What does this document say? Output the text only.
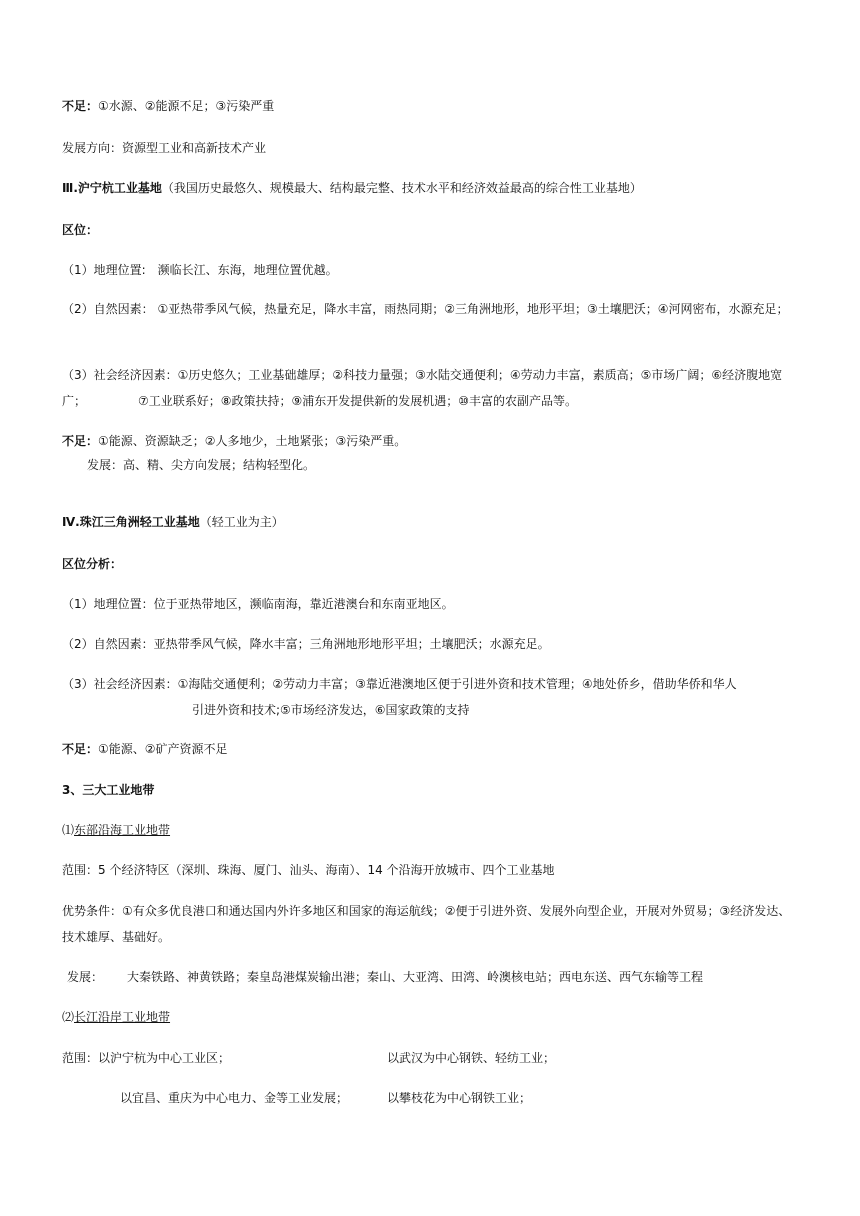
不足：①水源、②能源不足；③污染严重
发展方向：资源型工业和高新技术产业
Ⅲ.沪宁杭工业基地（我国历史最悠久、规模最大、结构最完整、技术水平和经济效益最高的综合性工业基地）
区位：
（1）地理位置:　濒临长江、东海，地理位置优越。
（2）自然因素： ①亚热带季风气候，热量充足，降水丰富，雨热同期；②三角洲地形，地形平坦；③土壤肥沃；④河网密布，水源充足；
（3）社会经济因素：①历史悠久；工业基础雄厚；②科技力量强；③水陆交通便利；④劳动力丰富，素质高；⑤市场广阔；⑥经济腹地宽广；	⑦工业联系好；⑧政策扶持；⑨浦东开发提供新的发展机遇；⑩丰富的农副产品等。
不足：①能源、资源缺乏；②人多地少，土地紧张；③污染严重。
发展：高、精、尖方向发展；结构轻型化。
Ⅳ.珠江三角洲轻工业基地（轻工业为主）
区位分析：
（1）地理位置：位于亚热带地区，濒临南海，靠近港澳台和东南亚地区。
（2）自然因素：亚热带季风气候，降水丰富；三角洲地形地形平坦；土壤肥沃；水源充足。
（3）社会经济因素：①海陆交通便利；②劳动力丰富；③靠近港澳地区便于引进外资和技术管理；④地处侨乡，借助华侨和华人
引进外资和技术;⑤市场经济发达，⑥国家政策的支持
不足：①能源、②矿产资源不足
3、三大工业地带
⑴东部沿海工业地带
范围：5 个经济特区（深圳、珠海、厦门、汕头、海南）、14 个沿海开放城市、四个工业基地
优势条件：①有众多优良港口和通达国内外许多地区和国家的海运航线；②便于引进外资、发展外向型企业，开展对外贸易；③经济发达、技术雄厚、基础好。
发展： 大秦铁路、神黄铁路；秦皇岛港煤炭输出港；秦山、大亚湾、田湾、岭澳核电站；西电东送、西气东输等工程
⑵长江沿岸工业地带
范围：以沪宁杭为中心工业区；	以武汉为中心钢铁、轻纺工业；
以宜昌、重庆为中心电力、金等工业发展；	以攀枝花为中心钢铁工业；
